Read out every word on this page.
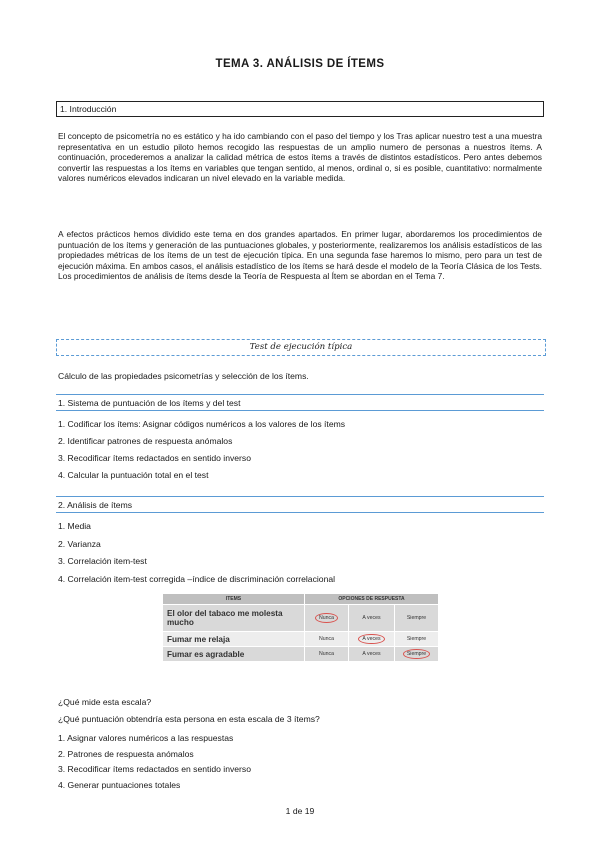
TEMA 3. ANÁLISIS DE ÍTEMS
1. Introducción

El concepto de psicometría no es estático y ha ido cambiando con el paso del tiempo y los Tras aplicar nuestro test a una muestra representativa en un estudio piloto hemos recogido las respuestas de un amplio numero de personas a nuestros ítems. A continuación, procederemos a analizar la calidad métrica de estos ítems a través de distintos estadísticos. Pero antes debemos convertir las respuestas a los ítems en variables que tengan sentido, al menos, ordinal o, si es posible, cuantitativo: normalmente valores numéricos elevados indicaran un nivel elevado en la variable medida.

A efectos prácticos hemos dividido este tema en dos grandes apartados. En primer lugar, abordaremos los procedimientos de puntuación de los ítems y generación de las puntuaciones globales, y posteriormente, realizaremos los análisis estadísticos de las propiedades métricas de los ítems de un test de ejecución típica. En una segunda fase haremos lo mismo, pero para un test de ejecución máxima. En ambos casos, el análisis estadístico de los ítems se hará desde el modelo de la Teoría Clásica de los Tests. Los procedimientos de análisis de ítems desde la Teoría de Respuesta al Ítem se abordan en el Tema 7.

Test de ejecución típica

Cálculo de las propiedades psicometrías y selección de los ítems.

1. Sistema de puntuación de los ítems y del test
1. Codificar los ítems: Asignar códigos numéricos a los valores de los ítems
2. Identificar patrones de respuesta anómalos
3. Recodificar ítems redactados en sentido inverso
4. Calcular la puntuación total en el test
2. Análisis de ítems
1. Media
2. Varianza
3. Correlación item-test
4. Correlación item-test corregida –índice de discriminación correlacional
ITEMS	OPCIONES DE RESPUESTA		
El olor del tabaco me molesta mucho	Nunca	A veces	Siempre
Fumar me relaja	Nunca	A veces	Siempre
Fumar es agradable	Nunca	A veces	Siempre

¿Qué mide esta escala?

¿Qué puntuación obtendría esta persona en esta escala de 3 ítems?

1. Asignar valores numéricos a las respuestas
2. Patrones de respuesta anómalos
3. Recodificar ítems redactados en sentido inverso
4. Generar puntuaciones totales
1 de 19
